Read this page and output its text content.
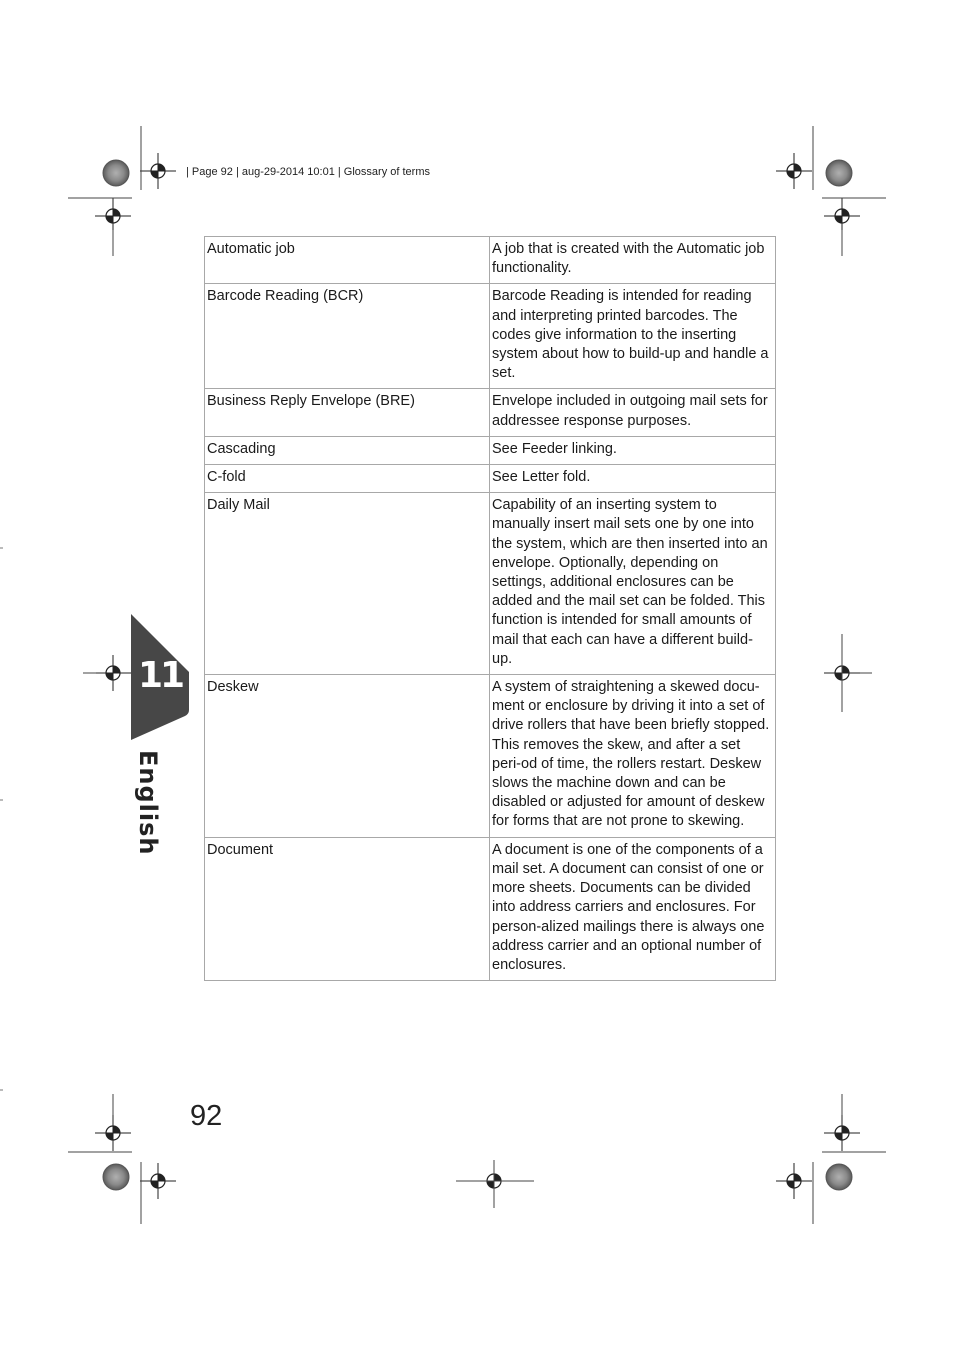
| Page 92 | aug-29-2014 10:01 | Glossary of terms
11
English
Automatic job	A job that is created with the Automatic job functionality.
Barcode Reading (BCR)	Barcode Reading is intended for reading and interpreting printed barcodes. The codes give information to the inserting system about how to build-up and handle a set.
Business Reply Envelope (BRE)	Envelope included in outgoing mail sets for addressee response purposes.
Cascading	See Feeder linking.
C-fold	See Letter fold.
Daily Mail	Capability of an inserting system to manually insert mail sets one by one into the system, which are then inserted into an envelope. Optionally, depending on settings, additional enclosures can be added and the mail set can be folded. This function is intended for small amounts of mail that each can have a different build-up.
Deskew	A system of straightening a skewed docu-ment or enclosure by driving it into a set of drive rollers that have been briefly stopped. This removes the skew, and after a set peri-od of time, the rollers restart. Deskew slows the machine down and can be disabled or adjusted for amount of deskew for forms that are not prone to skewing.
Document	A document is one of the components of a mail set. A document can consist of one or more sheets. Documents can be divided into address carriers and enclosures. For person-alized mailings there is always one address carrier and an optional number of enclosures.
92
